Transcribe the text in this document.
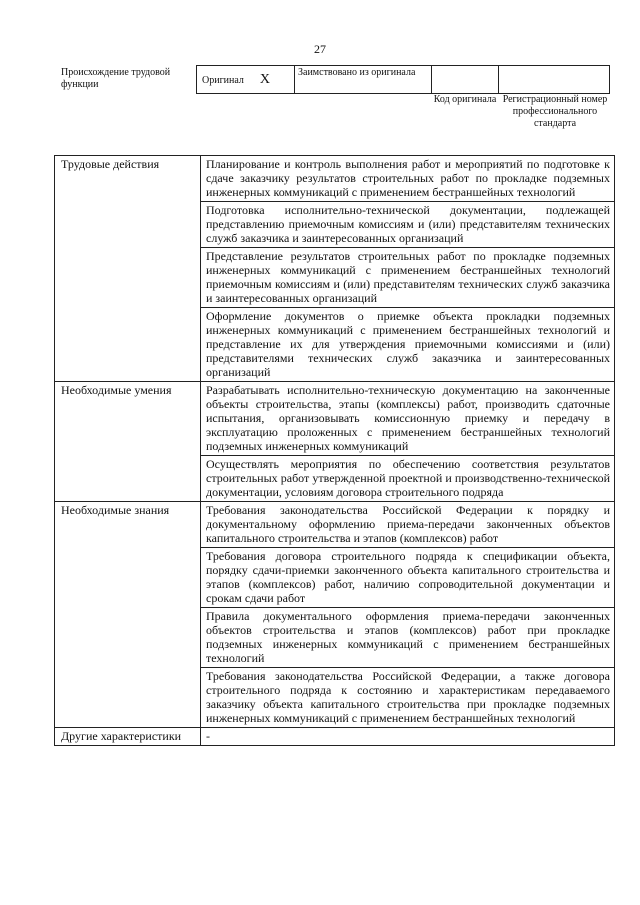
27
Происхождение трудовой функции	Оригинал X	Заимствовано из оригинала		
Код оригинала Регистрационный номер профессионального стандарта
Трудовые действия	Планирование и контроль выполнения работ и мероприятий по подготовке к сдаче заказчику результатов строительных работ по прокладке подземных инженерных коммуникаций с применением бестраншейных технологий
	Подготовка исполнительно-технической документации, подлежащей представлению приемочным комиссиям и (или) представителям технических служб заказчика и заинтересованных организаций
	Представление результатов строительных работ по прокладке подземных инженерных коммуникаций с применением бестраншейных технологий приемочным комиссиям и (или) представителям технических служб заказчика и заинтересованных организаций
	Оформление документов о приемке объекта прокладки подземных инженерных коммуникаций с применением бестраншейных технологий и представление их для утверждения приемочными комиссиями и (или) представителями технических служб заказчика и заинтересованных организаций
Необходимые умения	Разрабатывать исполнительно-техническую документацию на законченные объекты строительства, этапы (комплексы) работ, производить сдаточные испытания, организовывать комиссионную приемку и передачу в эксплуатацию проложенных с применением бестраншейных технологий подземных инженерных коммуникаций
	Осуществлять мероприятия по обеспечению соответствия результатов строительных работ утвержденной проектной и производственно-технической документации, условиям договора строительного подряда
Необходимые знания	Требования законодательства Российской Федерации к порядку и документальному оформлению приема-передачи законченных объектов капитального строительства и этапов (комплексов) работ
	Требования договора строительного подряда к спецификации объекта, порядку сдачи-приемки законченного объекта капитального строительства и этапов (комплексов) работ, наличию сопроводительной документации и срокам сдачи работ
	Правила документального оформления приема-передачи законченных объектов строительства и этапов (комплексов) работ при прокладке подземных инженерных коммуникаций с применением бестраншейных технологий
	Требования законодательства Российской Федерации, а также договора строительного подряда к состоянию и характеристикам передаваемого заказчику объекта капитального строительства при прокладке подземных инженерных коммуникаций с применением бестраншейных технологий
Другие характеристики	-
